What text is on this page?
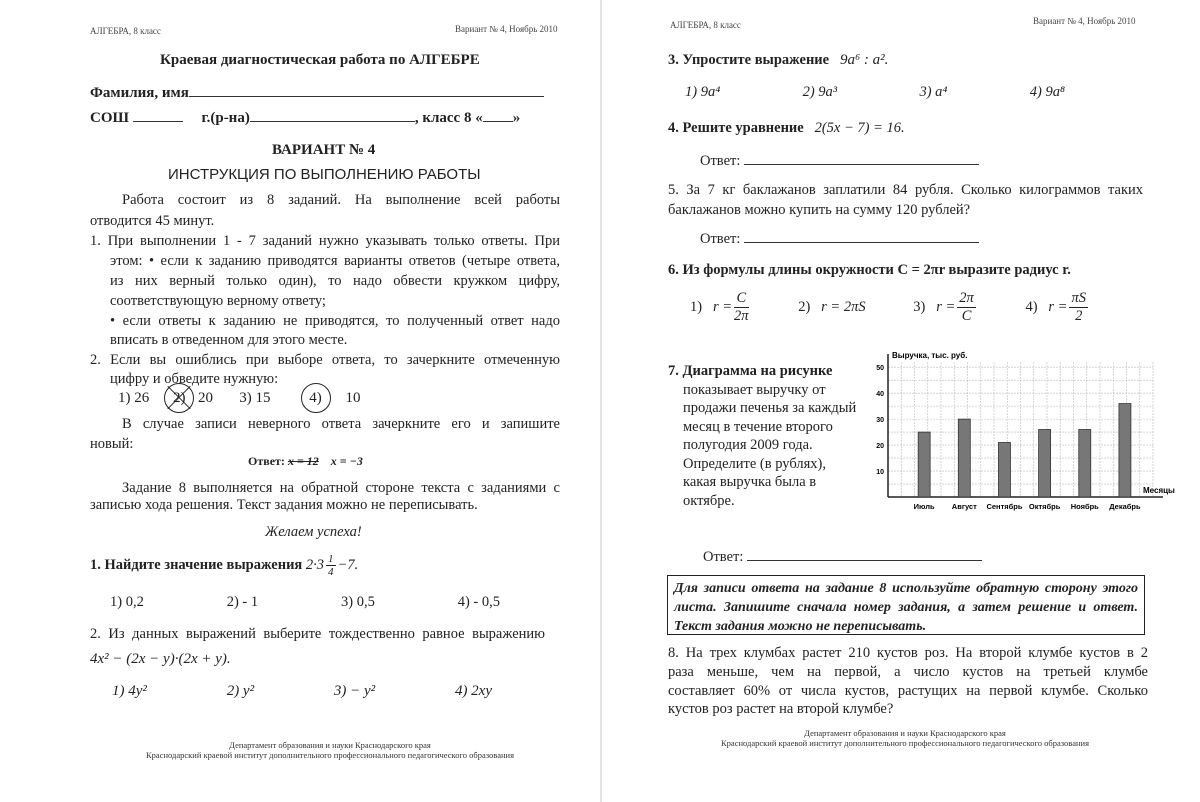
АЛГЕБРА, 8 класс	Вариант № 4, Ноябрь 2010
Краевая диагностическая работа по АЛГЕБРЕ
Фамилия, имя
СОШ	г.(р-на)	, класс 8 « »
ВАРИАНТ № 4
ИНСТРУКЦИЯ ПО ВЫПОЛНЕНИЮ РАБОТЫ
Работа состоит из 8 заданий. На выполнение всей работы
отводится 45 минут.
1. При выполнении 1 - 7 заданий нужно указывать только ответы. При
этом: • если к заданию приводятся варианты ответов (четыре ответа,
из них верный только один), то надо обвести кружком цифру,
соответствующую верному ответу;
• если ответы к заданию не приводятся, то полученный ответ надо
вписать в отведенном для этого месте.
2. Если вы ошиблись при выборе ответа, то зачеркните отмеченную
цифру и обведите нужную:
1) 26 2) 20 3) 15	4) 10
В случае записи неверного ответа зачеркните его и запишите
новый:
Ответ: x = 12 x = −3
Задание 8 выполняется на обратной стороне текста с заданиями с
записью хода решения. Текст задания можно не переписывать.
Желаем успеха!
1. Найдите значение выражения $2\cdot 3 \frac{1}{4} -7$.
1) 0,2	2) - 1	3) 0,5	4) - 0,5
2. Из данных выражений выберите тождественно равное выражению
4x² − (2x − y)·(2x + y).
1) 4y²	2) y²	3) − y²	4) 2xy
Департамент образования и науки Краснодарского края
Краснодарский краевой институт дополнительного профессионального педагогического образования
АЛГЕБРА, 8 класс	Вариант № 4, Ноябрь 2010
3. Упростите выражение 9a⁶ : a².
1) 9a⁴	2) 9a³	3) a⁴	4) 9a⁸
4. Решите уравнение 2(5x − 7) = 16.
Ответ:
5. За 7 кг баклажанов заплатили 84 рубля. Сколько килограммов таких
баклажанов можно купить на сумму 120 рублей?
Ответ:
6. Из формулы длины окружности C = 2πr выразите радиус r.
1) $r = \frac{C}{2\pi}$	2) r = 2πS	3) $r = \frac{2\pi}{C}$	4) $r = \frac{\pi S}{2}$
7. Диаграмма на рисунке
показывает выручку от
продажи печенья за каждый
месяц в течение второго
полугодия 2009 года.
Определите (в рублях),
какая выручка была в
октябре.
Выручка, тыс. руб.
Месяцы
10
20
30
40
50
Июль Август Сентябрь Октябрь Ноябрь Декабрь
Ответ:
Для записи ответа на задание 8 используйте обратную сторону этого листа. Запишите сначала номер задания, а затем решение и ответ. Текст задания можно не переписывать.
8. На трех клумбах растет 210 кустов роз. На второй клумбе кустов в 2
раза меньше, чем на первой, а число кустов на третьей клумбе
составляет 60% от числа кустов, растущих на первой клумбе. Сколько
кустов роз растет на второй клумбе?
Департамент образования и науки Краснодарского края
Краснодарский краевой институт дополнительного профессионального педагогического образования
